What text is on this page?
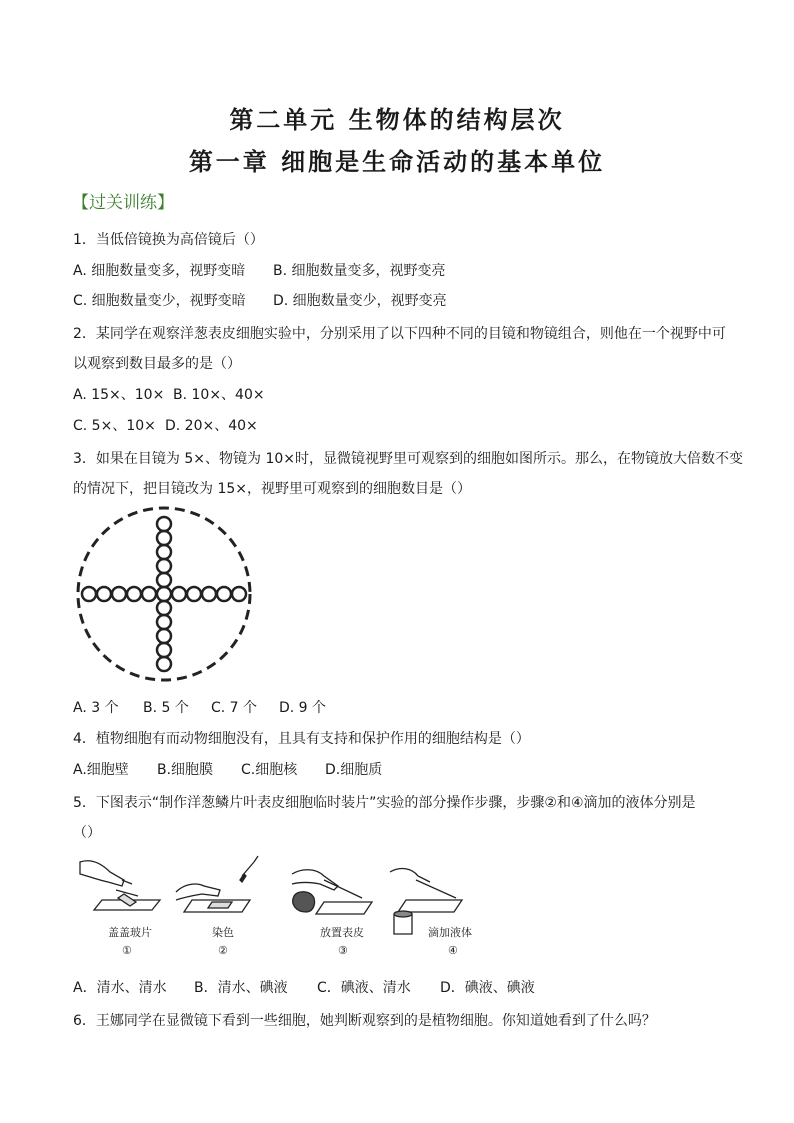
第二单元 生物体的结构层次
第一章 细胞是生命活动的基本单位
【过关训练】
1．当低倍镜换为高倍镜后（）
A. 细胞数量变多，视野变暗 B. 细胞数量变多，视野变亮
C. 细胞数量变少，视野变暗 D. 细胞数量变少，视野变亮
2．某同学在观察洋葱表皮细胞实验中，分别采用了以下四种不同的目镜和物镜组合，则他在一个视野中可
以观察到数目最多的是（）
A. 15×、10× B. 10×、40×
C. 5×、10× D. 20×、40×
3．如果在目镜为 5×、物镜为 10×时，显微镜视野里可观察到的细胞如图所示。那么，在物镜放大倍数不变
的情况下，把目镜改为 15×，视野里可观察到的细胞数目是（）
A. 3 个 B. 5 个 C. 7 个 D. 9 个
4．植物细胞有而动物细胞没有，且具有支持和保护作用的细胞结构是（）
A.细胞壁 B.细胞膜 C.细胞核 D.细胞质
5．下图表示“制作洋葱鳞片叶表皮细胞临时装片”实验的部分操作步骤，步骤②和④滴加的液体分别是
（）
盖盖玻片
①
染色
②
放置表皮
③
滴加液体
④
A．清水、清水 B．清水、碘液 C．碘液、清水 D．碘液、碘液
6．王娜同学在显微镜下看到一些细胞，她判断观察到的是植物细胞。你知道她看到了什么吗？
